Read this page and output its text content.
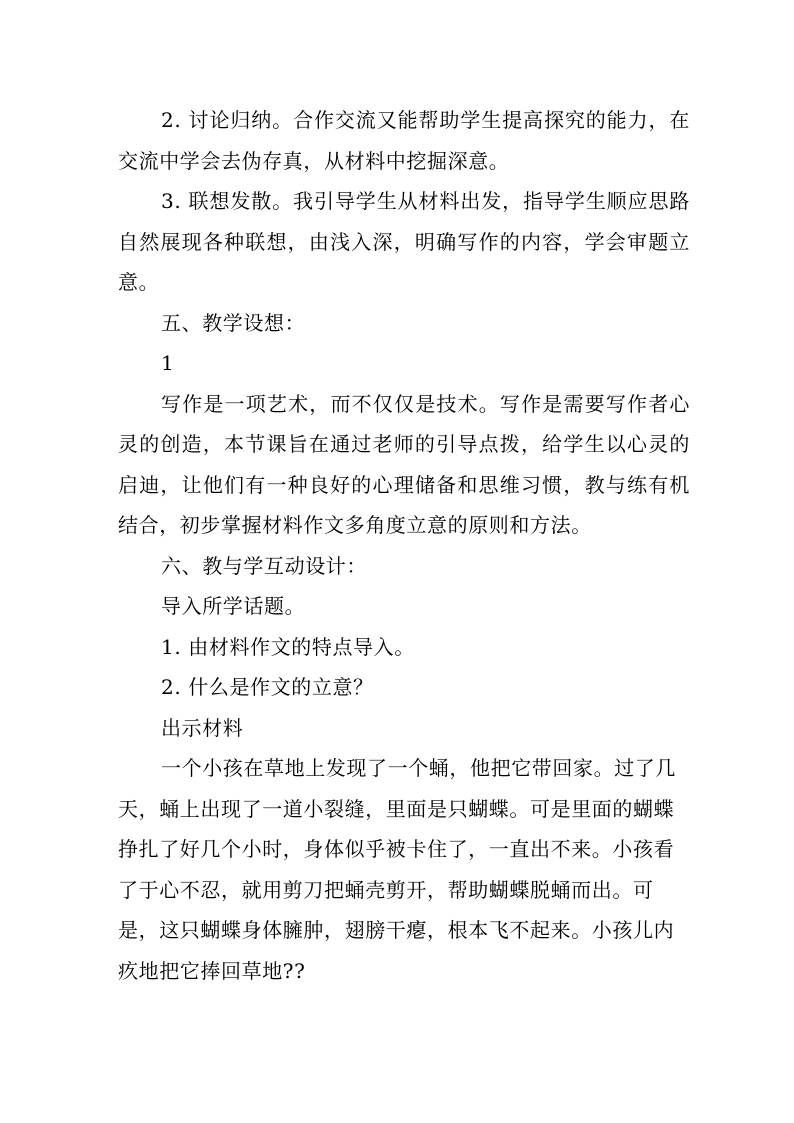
2. 讨论归纳。合作交流又能帮助学生提高探究的能力，在交流中学会去伪存真，从材料中挖掘深意。

3. 联想发散。我引导学生从材料出发，指导学生顺应思路自然展现各种联想，由浅入深，明确写作的内容，学会审题立意。

五、教学设想：

1

写作是一项艺术，而不仅仅是技术。写作是需要写作者心灵的创造，本节课旨在通过老师的引导点拨，给学生以心灵的启迪，让他们有一种良好的心理储备和思维习惯，教与练有机结合，初步掌握材料作文多角度立意的原则和方法。

六、教与学互动设计：

导入所学话题。

1. 由材料作文的特点导入。

2. 什么是作文的立意？

出示材料

一个小孩在草地上发现了一个蛹，他把它带回家。过了几天，蛹上出现了一道小裂缝，里面是只蝴蝶。可是里面的蝴蝶挣扎了好几个小时，身体似乎被卡住了，一直出不来。小孩看了于心不忍，就用剪刀把蛹壳剪开，帮助蝴蝶脱蛹而出。可是，这只蝴蝶身体臃肿，翅膀干瘪，根本飞不起来。小孩儿内疚地把它捧回草地??
